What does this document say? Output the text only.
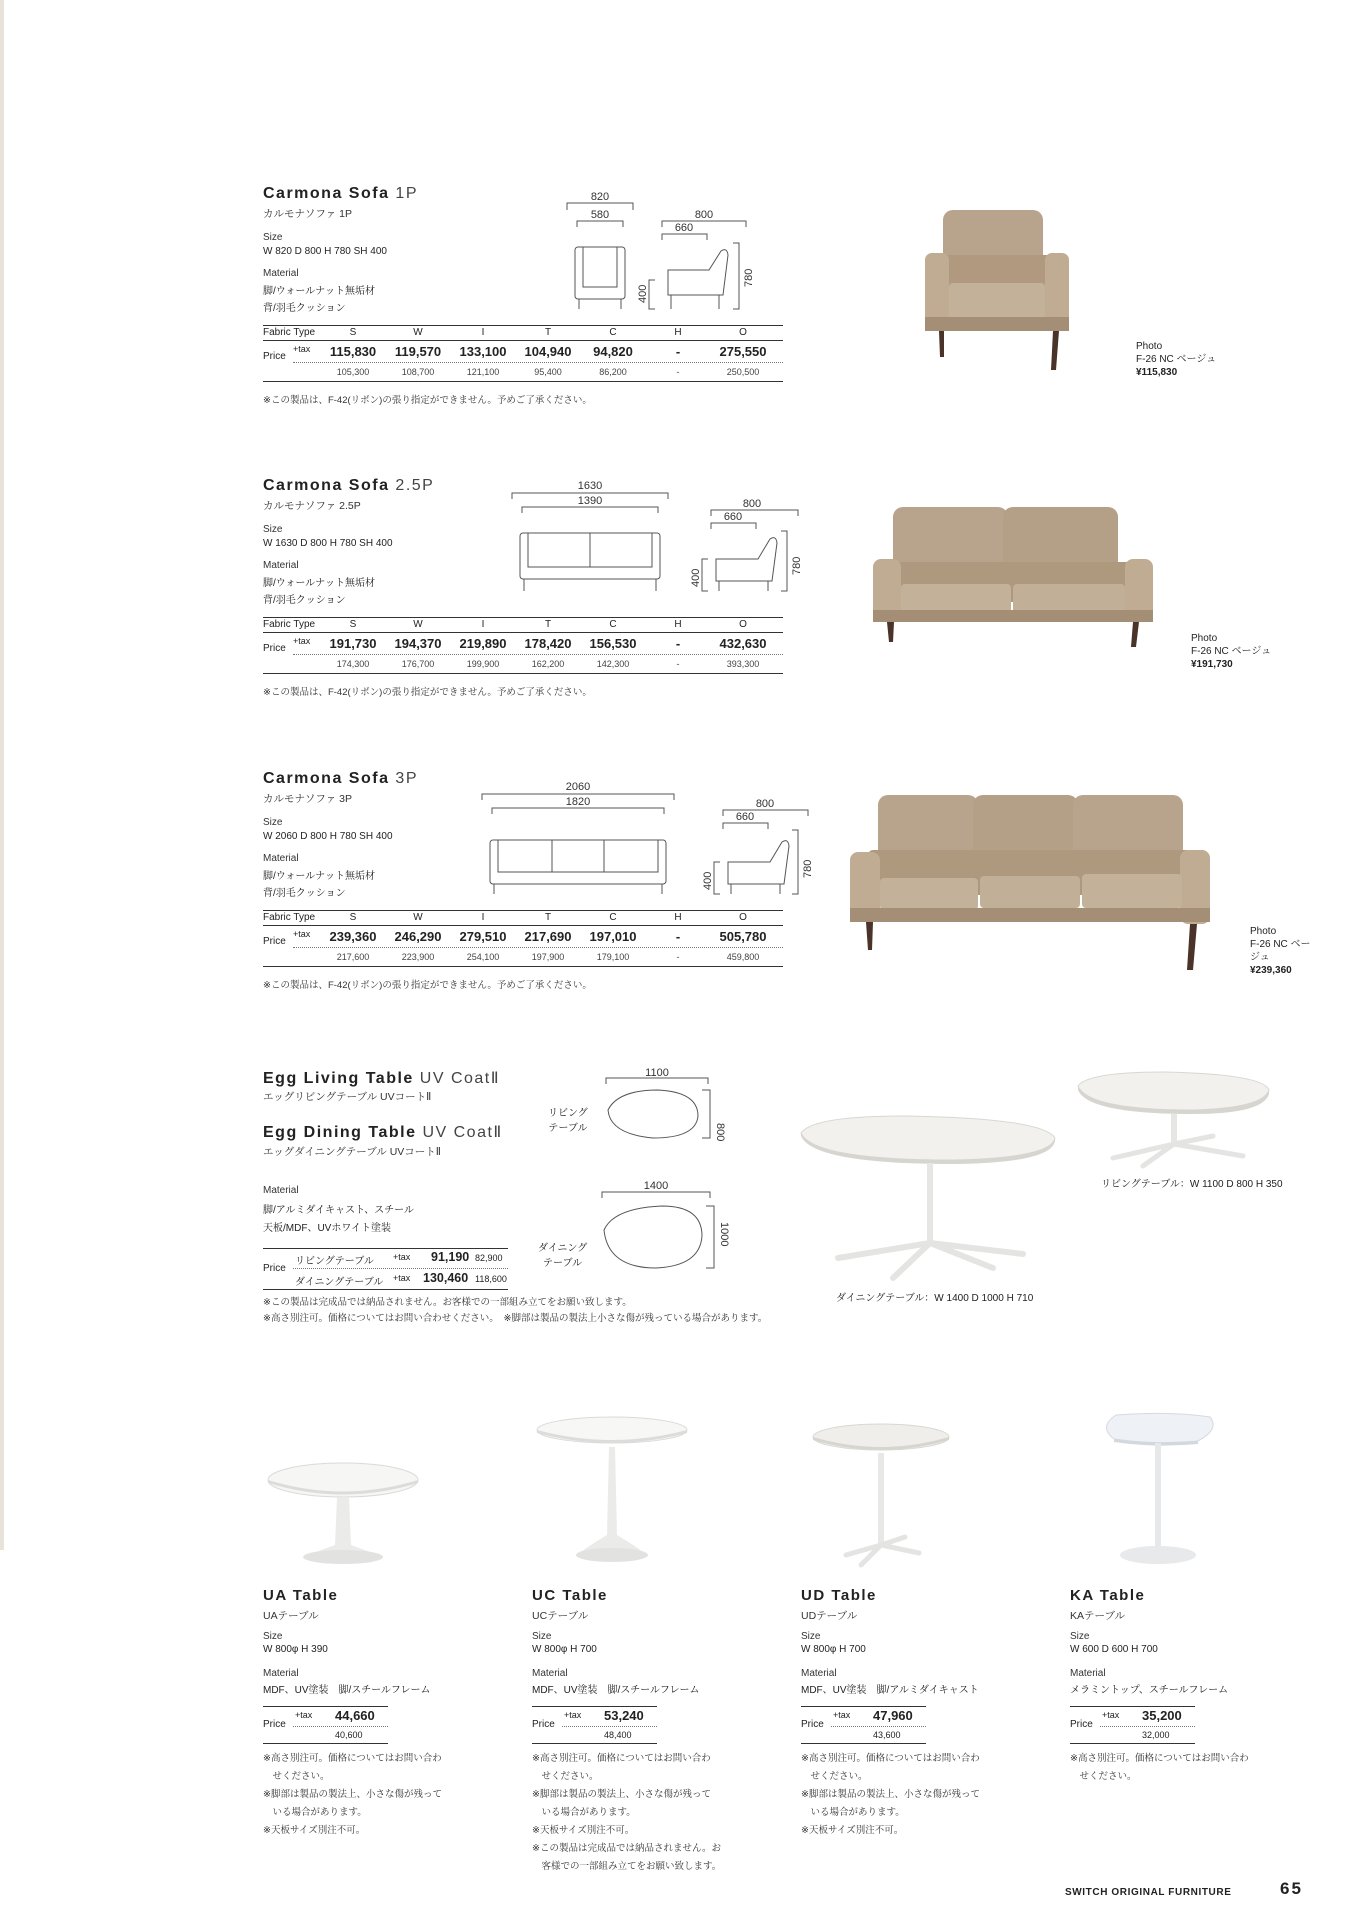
Carmona Sofa 1P
カルモナソファ 1P
Size
W 820 D 800 H 780 SH 400
Material
脚/ウォールナット無垢材
背/羽毛クッション
Fabric Type	S	W	I	T	C	H	O
+tax	115,830	119,570	133,100	104,940	94,820	-	275,550
Price
105,300	108,700	121,100	95,400	86,200	-	250,500
※この製品は、F-42(リボン)の張り指定ができません。予めご了承ください。
820
580	800
660
400
780
Photo
F-26 NC ベージュ
¥115,830
Carmona Sofa 2.5P
カルモナソファ 2.5P
Size
W 1630 D 800 H 780 SH 400
Material
脚/ウォールナット無垢材
背/羽毛クッション
Fabric Type	S	W	I	T	C	H	O
+tax	191,730	194,370	219,890	178,420	156,530	-	432,630
Price
174,300	176,700	199,900	162,200	142,300	-	393,300
※この製品は、F-42(リボン)の張り指定ができません。予めご了承ください。
1630
1390	800
660
400
780
Photo
F-26 NC ベージュ
¥191,730
Carmona Sofa 3P
カルモナソファ 3P
Size
W 2060 D 800 H 780 SH 400
Material
脚/ウォールナット無垢材
背/羽毛クッション
Fabric Type	S	W	I	T	C	H	O
+tax	239,360	246,290	279,510	217,690	197,010	-	505,780
Price
217,600	223,900	254,100	197,900	179,100	-	459,800
※この製品は、F-42(リボン)の張り指定ができません。予めご了承ください。
2060
1820	800
660
400
780
Photo
F-26 NC ベージュ
¥239,360
Egg Living Table UV CoatⅡ
エッグリビングテーブル UVコートⅡ
Egg Dining Table UV CoatⅡ
エッグダイニングテーブル UVコートⅡ
Material
脚/アルミダイキャスト、スチール
天板/MDF、UVホワイト塗装
Price
リビングテーブル +tax 91,190 82,900
ダイニングテーブル +tax 130,460 118,600
※この製品は完成品では納品されません。お客様での一部組み立てをお願い致します。
※高さ別注可。価格についてはお問い合わせください。　※脚部は製品の製法上小さな傷が残っている場合があります。
リビング
テーブル
ダイニング
テーブル
1100
800
1400
1000
リビングテーブル：W 1100 D 800 H 350
ダイニングテーブル：W 1400 D 1000 H 710
UA Table
UAテーブル
Size
W 800φ H 390
Material
MDF、UV塗装　脚/スチールフレーム
+tax 44,660
Price
40,600
※高さ別注可。価格についてはお問い合わ
　せください。
※脚部は製品の製法上、小さな傷が残って
　いる場合があります。
※天板サイズ別注不可。
UC Table
UCテーブル
Size
W 800φ H 700
Material
MDF、UV塗装　脚/スチールフレーム
+tax 53,240
Price
48,400
※高さ別注可。価格についてはお問い合わ
　せください。
※脚部は製品の製法上、小さな傷が残って
　いる場合があります。
※天板サイズ別注不可。
※この製品は完成品では納品されません。お
　客様での一部組み立てをお願い致します。
UD Table
UDテーブル
Size
W 800φ H 700
Material
MDF、UV塗装　脚/アルミダイキャスト
+tax 47,960
Price
43,600
※高さ別注可。価格についてはお問い合わ
　せください。
※脚部は製品の製法上、小さな傷が残って
　いる場合があります。
※天板サイズ別注不可。
KA Table
KAテーブル
Size
W 600 D 600 H 700
Material
メラミントップ、スチールフレーム
+tax 35,200
Price
32,000
※高さ別注可。価格についてはお問い合わ
　せください。
SWITCH ORIGINAL FURNITURE	65
